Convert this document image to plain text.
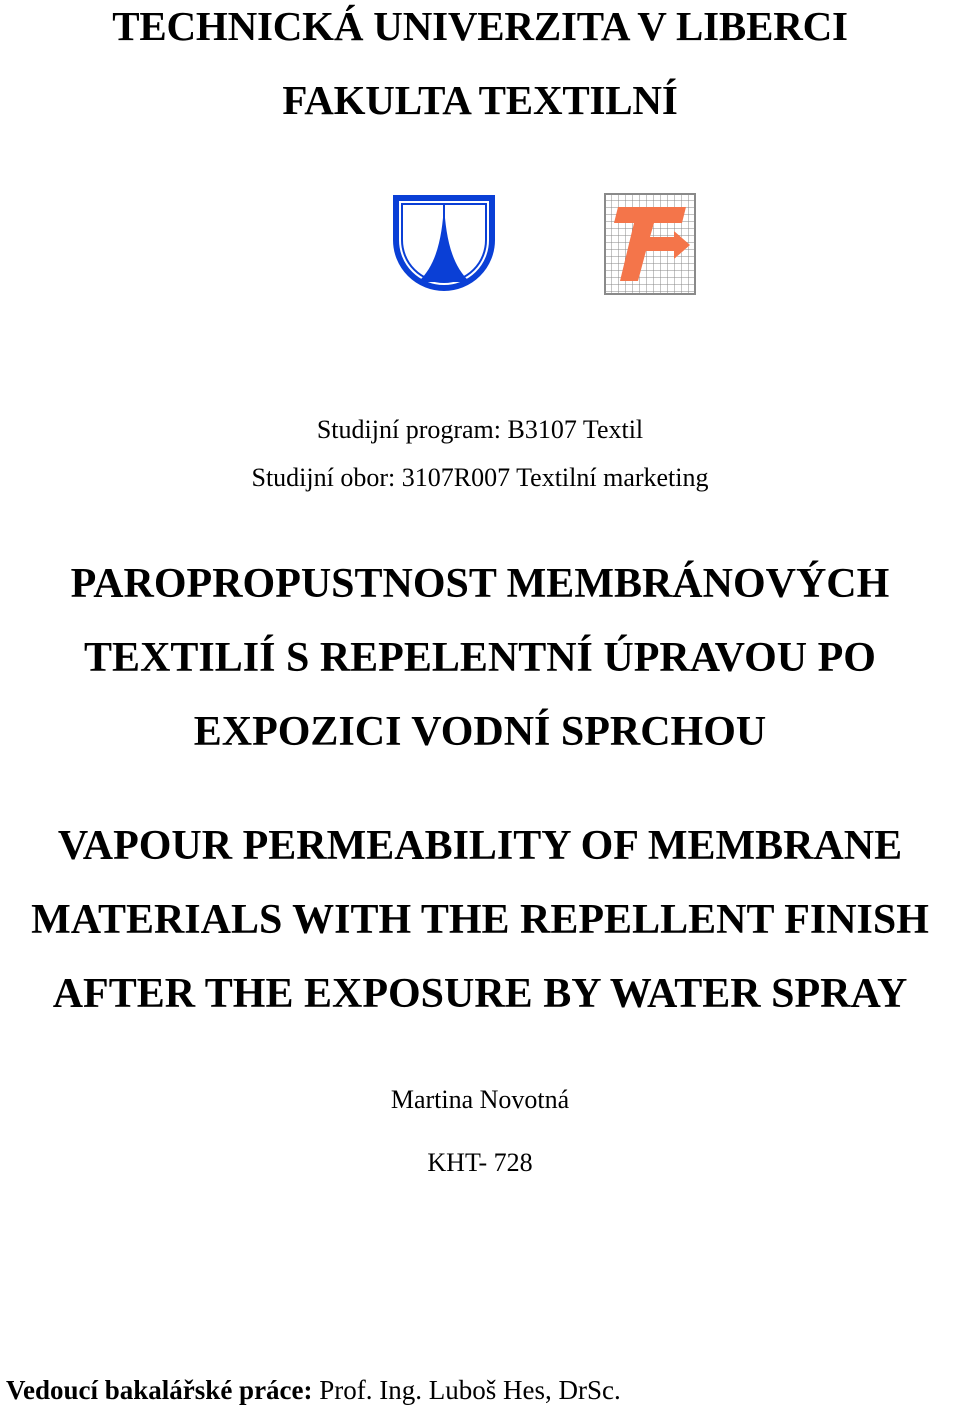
TECHNICKÁ UNIVERZITA V LIBERCI

FAKULTA TEXTILNÍ

Studijní program: B3107 Textil

Studijní obor: 3107R007 Textilní marketing

PAROPROPUSTNOST MEMBRÁNOVÝCH

TEXTILIÍ S REPELENTNÍ ÚPRAVOU PO

EXPOZICI VODNÍ SPRCHOU

VAPOUR PERMEABILITY OF MEMBRANE

MATERIALS WITH THE REPELLENT FINISH

AFTER THE EXPOSURE BY WATER SPRAY

Martina Novotná

KHT- 728

Vedoucí bakalářské práce: Prof. Ing. Luboš Hes, DrSc.
